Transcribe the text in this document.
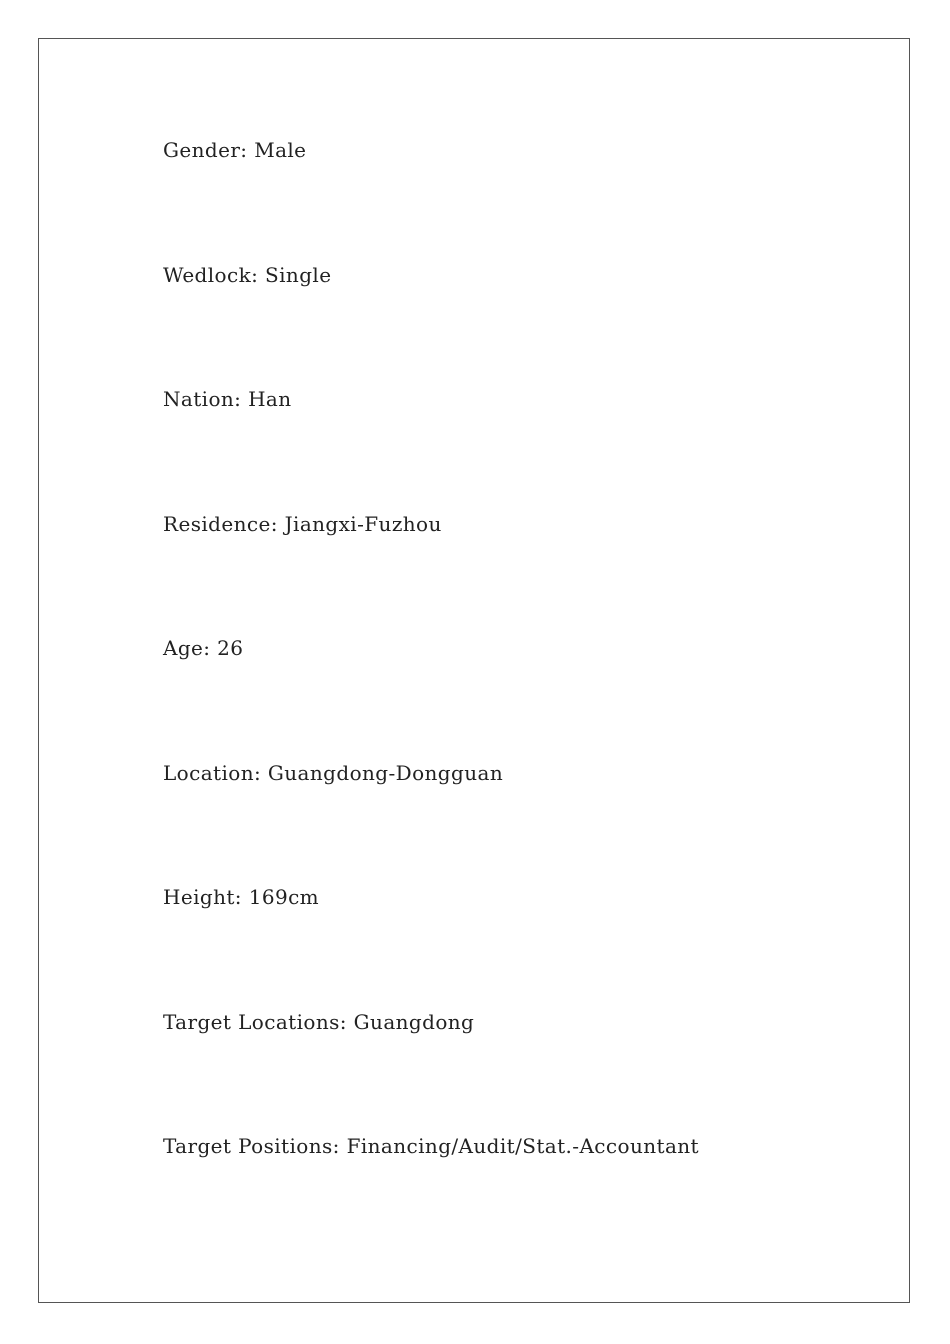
Gender: Male
Wedlock: Single
Nation: Han
Residence: Jiangxi-Fuzhou
Age: 26
Location: Guangdong-Dongguan
Height: 169cm
Target Locations: Guangdong
Target Positions: Financing/Audit/Stat.-Accountant
